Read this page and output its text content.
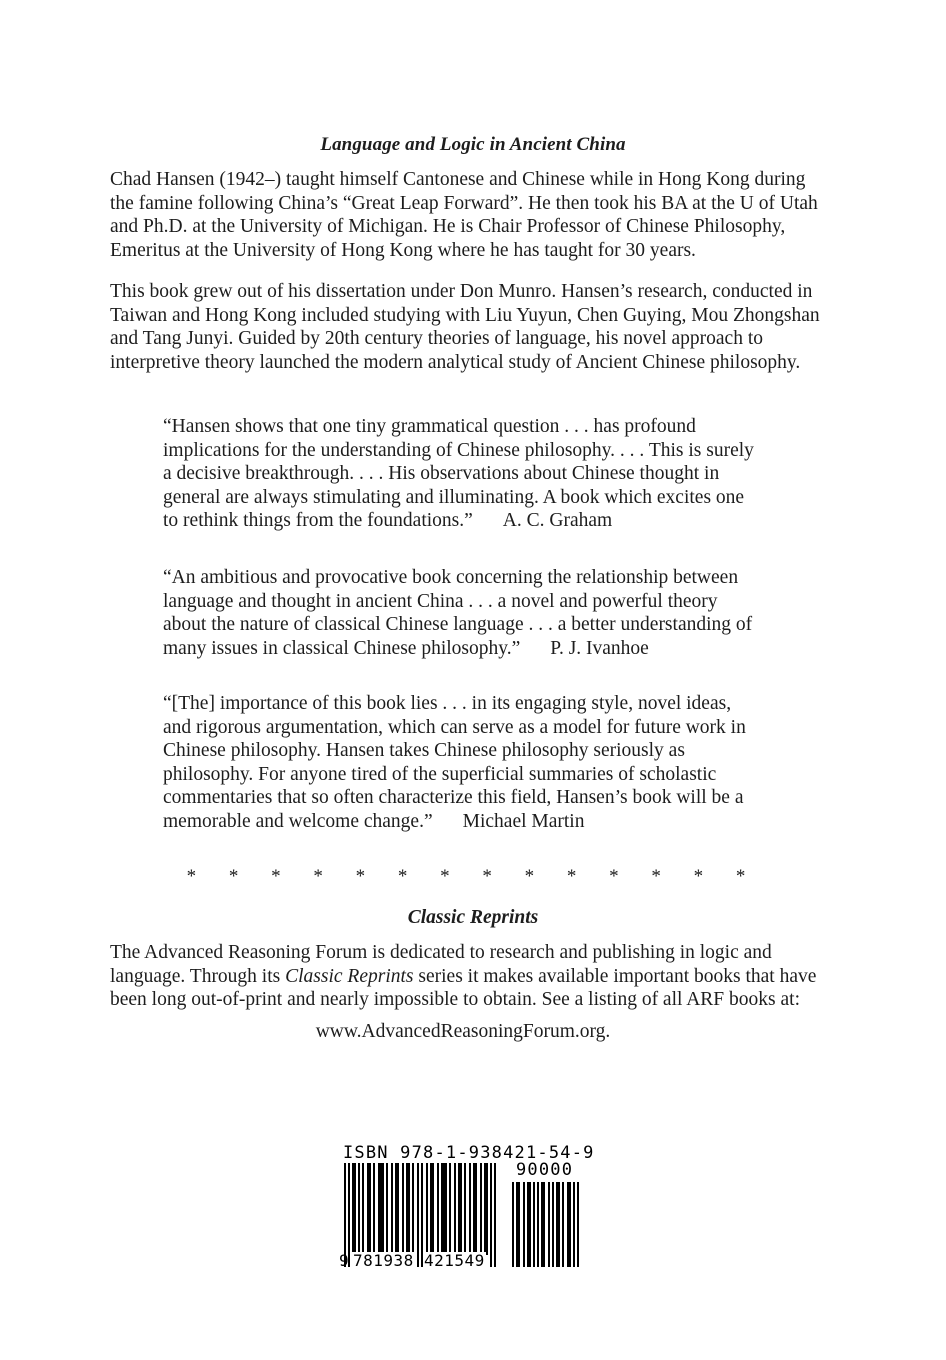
Language and Logic in Ancient China

Chad Hansen (1942–) taught himself Cantonese and Chinese while in Hong Kong during the famine following China’s “Great Leap Forward”. He then took his BA at the U of Utah and Ph.D. at the University of Michigan. He is Chair Professor of Chinese Philosophy, Emeritus at the University of Hong Kong where he has taught for 30 years.

This book grew out of his dissertation under Don Munro. Hansen’s research, conducted in Taiwan and Hong Kong included studying with Liu Yuyun, Chen Guying, Mou Zhongshan and Tang Junyi. Guided by 20th century theories of language, his novel approach to interpretive theory launched the modern analytical study of Ancient Chinese philosophy.

“Hansen shows that one tiny grammatical question . . . has profound implications for the understanding of Chinese philosophy. . . . This is surely a decisive breakthrough. . . . His observations about Chinese thought in general are always stimulating and illuminating. A book which excites one to rethink things from the foundations.” A. C. Graham

“An ambitious and provocative book concerning the relationship between language and thought in ancient China . . . a novel and powerful theory about the nature of classical Chinese language . . . a better understanding of many issues in classical Chinese philosophy.” P. J. Ivanhoe

“[The] importance of this book lies . . . in its engaging style, novel ideas, and rigorous argumentation, which can serve as a model for future work in Chinese philosophy. Hansen takes Chinese philosophy seriously as philosophy. For anyone tired of the superficial summaries of scholastic commentaries that so often characterize this field, Hansen’s book will be a memorable and welcome change.” Michael Martin

* * * * * * * * * * * * * *
Classic Reprints

The Advanced Reasoning Forum is dedicated to research and publishing in logic and language. Through its Classic Reprints series it makes available important books that have been long out-of-print and nearly impossible to obtain. See a listing of all ARF books at:

www.AdvancedReasoningForum.org.
ISBN 978-1-938421-54-9
90000
9 781938 421549
